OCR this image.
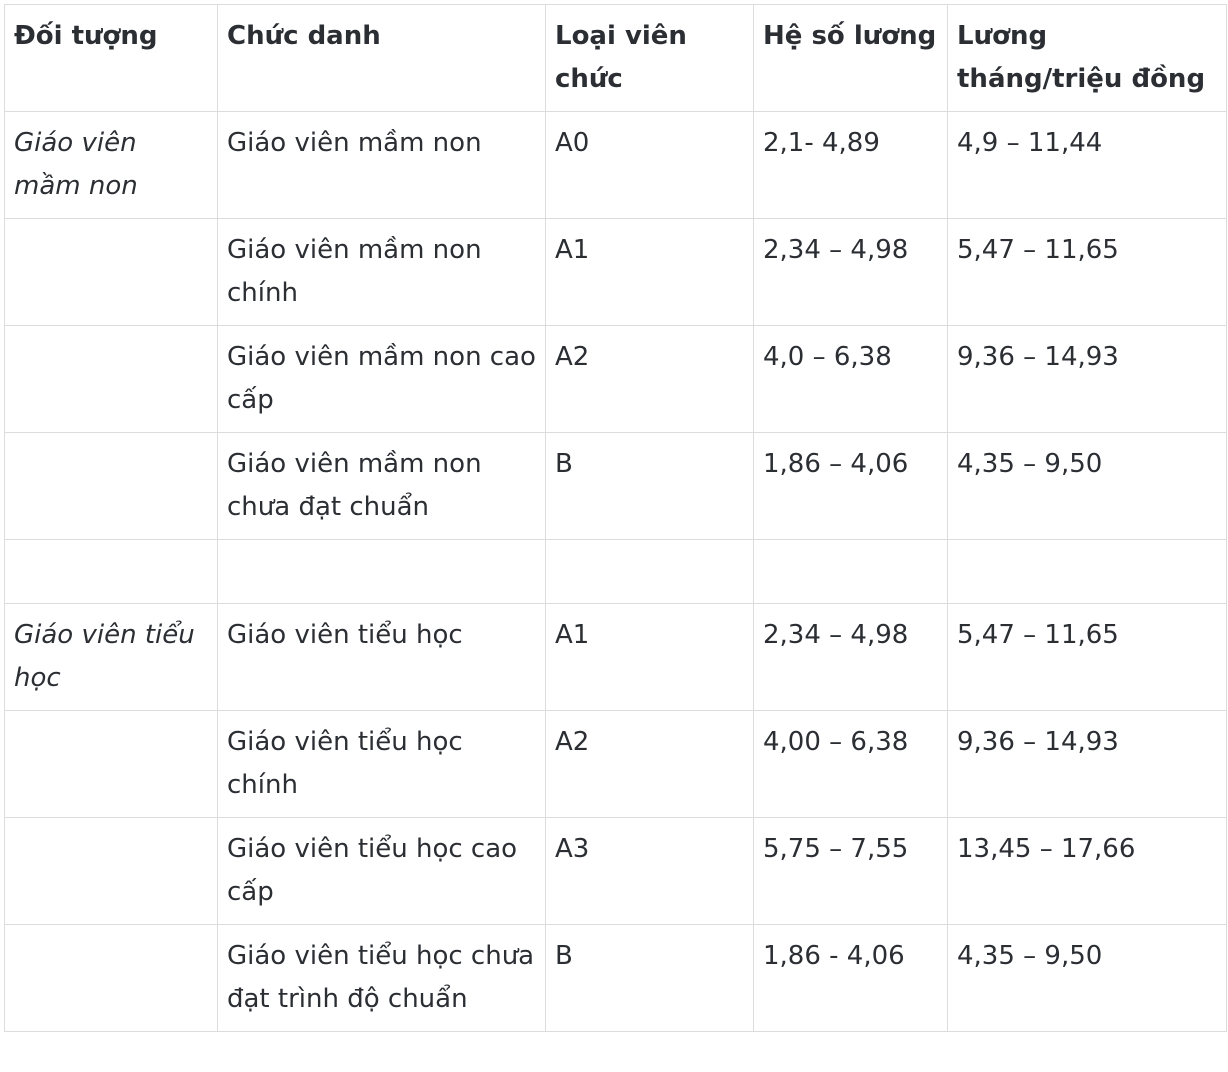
Đối tượng	Chức danh	Loại viên chức	Hệ số lương	Lương tháng/triệu đồng
Giáo viên mầm non	Giáo viên mầm non	A0	2,1- 4,89	4,9 – 11,44
	Giáo viên mầm non chính	A1	2,34 – 4,98	5,47 – 11,65
	Giáo viên mầm non cao cấp	A2	4,0 – 6,38	9,36 – 14,93
	Giáo viên mầm non chưa đạt chuẩn	B	1,86 – 4,06	4,35 – 9,50

Giáo viên tiểu học	Giáo viên tiểu học	A1	2,34 – 4,98	5,47 – 11,65
	Giáo viên tiểu học chính	A2	4,00 – 6,38	9,36 – 14,93
	Giáo viên tiểu học cao cấp	A3	5,75 – 7,55	13,45 – 17,66
	Giáo viên tiểu học chưa đạt trình độ chuẩn	B	1,86 - 4,06	4,35 – 9,50
